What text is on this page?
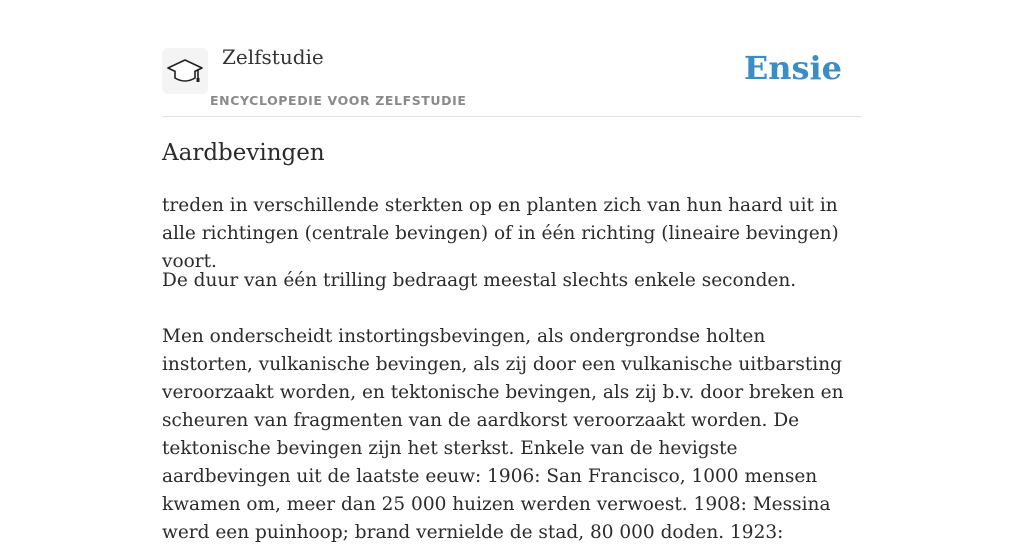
Zelfstudie
ENCYCLOPEDIE VOOR ZELFSTUDIE
Ensie
Aardbevingen

treden in verschillende sterkten op en planten zich van hun haard uit in alle richtingen (centrale bevingen) of in één richting (lineaire bevingen) voort.

De duur van één trilling bedraagt meestal slechts enkele seconden.

Men onderscheidt instortingsbevingen, als ondergrondse holten instorten, vulkanische bevingen, als zij door een vulkanische uitbarsting veroorzaakt worden, en tektonische bevingen, als zij b.v. door breken en scheuren van fragmenten van de aardkorst veroorzaakt worden. De tektonische bevingen zijn het sterkst. Enkele van de hevigste aardbevingen uit de laatste eeuw: 1906: San Francisco, 1000 mensen kwamen om, meer dan 25 000 huizen werden verwoest. 1908: Messina werd een puinhoop; brand vernielde de stad, 80 000 doden. 1923:
